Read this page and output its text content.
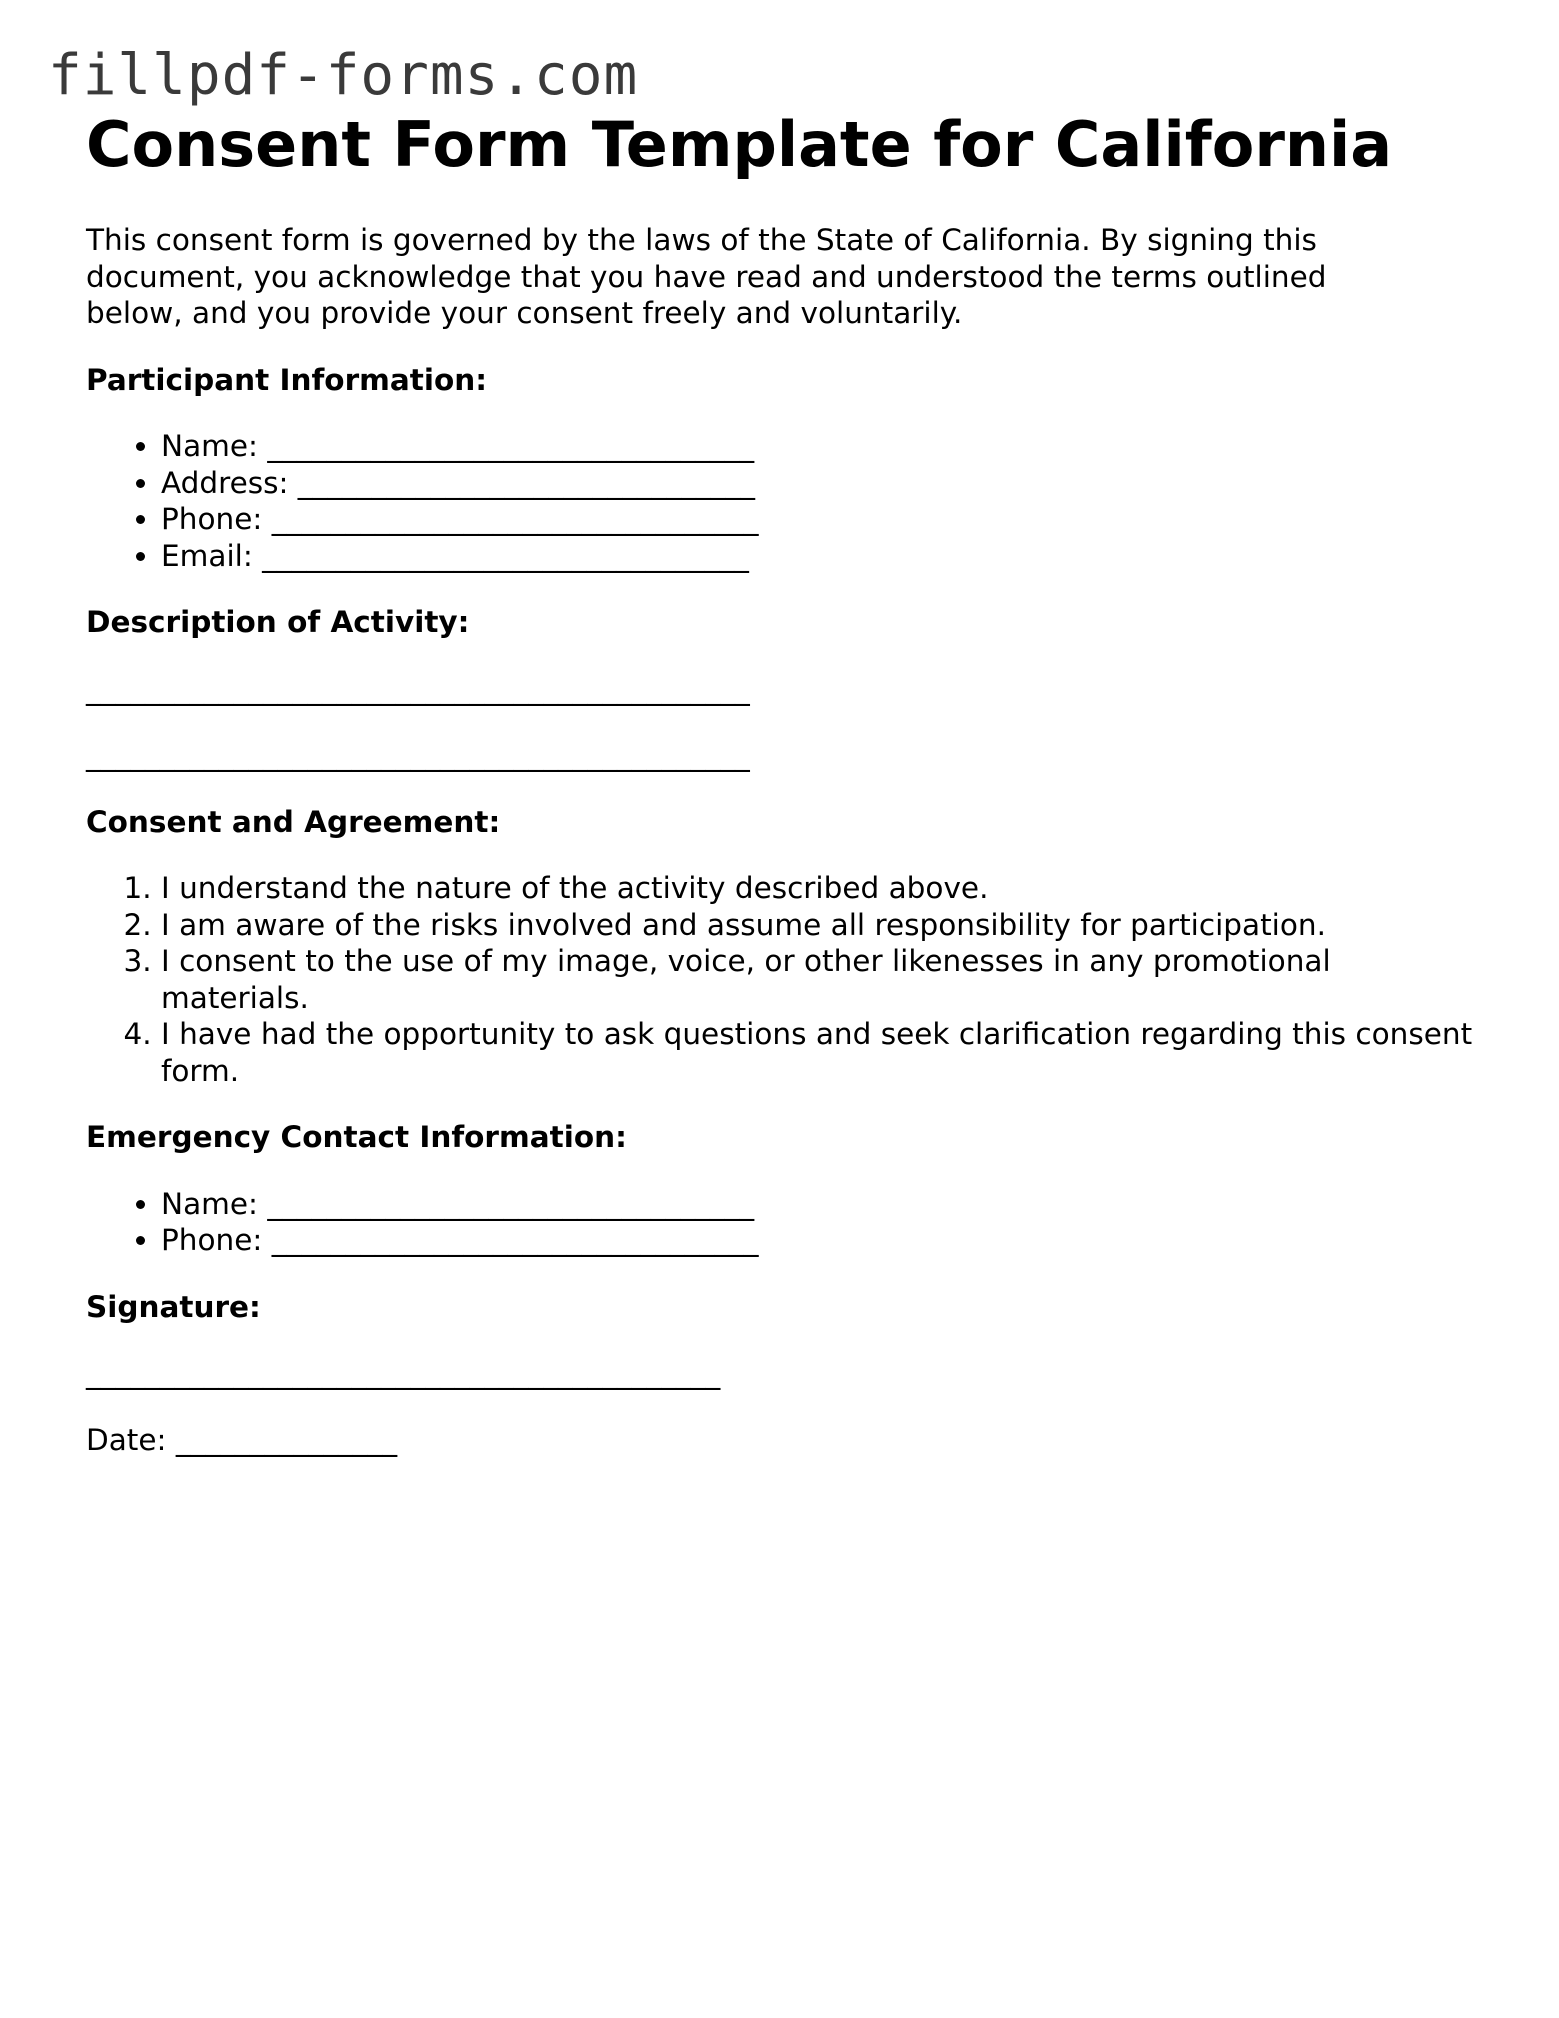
fillpdf-forms.com
Consent Form Template for California

This consent form is governed by the laws of the State of California. By signing this document, you acknowledge that you have read and understood the terms outlined below, and you provide your consent freely and voluntarily.

Participant Information:
• Name: _________________________________
• Address: _______________________________
• Phone: _________________________________
• Email: _________________________________
Description of Activity:
_____________________________________________
_____________________________________________
Consent and Agreement:
1. I understand the nature of the activity described above.
2. I am aware of the risks involved and assume all responsibility for participation.
3. I consent to the use of my image, voice, or other likenesses in any promotional materials.
4. I have had the opportunity to ask questions and seek clarification regarding this consent form.
Emergency Contact Information:
• Name: _________________________________
• Phone: _________________________________
Signature:
___________________________________________
Date: _______________
